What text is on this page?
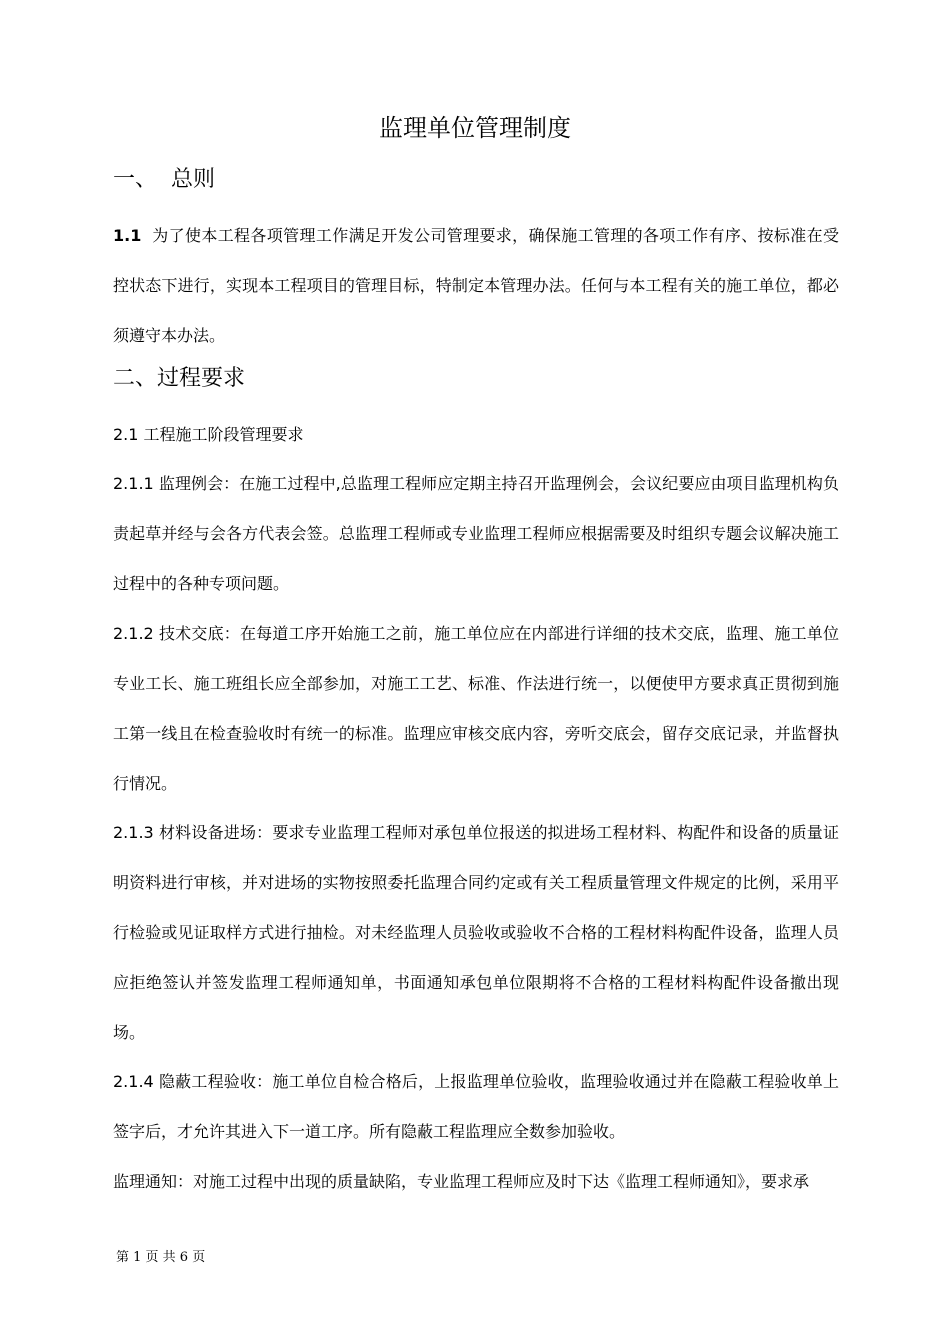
监理单位管理制度
一、 总则

1.1 为了使本工程各项管理工作满足开发公司管理要求，确保施工管理的各项工作有序、按标准在受控状态下进行，实现本工程项目的管理目标，特制定本管理办法。任何与本工程有关的施工单位，都必须遵守本办法。

二、过程要求

2.1 工程施工阶段管理要求

2.1.1 监理例会：在施工过程中,总监理工程师应定期主持召开监理例会，会议纪要应由项目监理机构负责起草并经与会各方代表会签。总监理工程师或专业监理工程师应根据需要及时组织专题会议解决施工过程中的各种专项问题。

2.1.2 技术交底：在每道工序开始施工之前，施工单位应在内部进行详细的技术交底，监理、施工单位专业工长、施工班组长应全部参加，对施工工艺、标准、作法进行统一，以便使甲方要求真正贯彻到施工第一线且在检查验收时有统一的标准。监理应审核交底内容，旁听交底会，留存交底记录，并监督执行情况。

2.1.3 材料设备进场：要求专业监理工程师对承包单位报送的拟进场工程材料、构配件和设备的质量证明资料进行审核，并对进场的实物按照委托监理合同约定或有关工程质量管理文件规定的比例，采用平行检验或见证取样方式进行抽检。对未经监理人员验收或验收不合格的工程材料构配件设备，监理人员应拒绝签认并签发监理工程师通知单，书面通知承包单位限期将不合格的工程材料构配件设备撤出现场。

2.1.4 隐蔽工程验收：施工单位自检合格后，上报监理单位验收，监理验收通过并在隐蔽工程验收单上签字后，才允许其进入下一道工序。所有隐蔽工程监理应全数参加验收。

监理通知：对施工过程中出现的质量缺陷，专业监理工程师应及时下达《监理工程师通知》，要求承

第 1 页 共 6 页
